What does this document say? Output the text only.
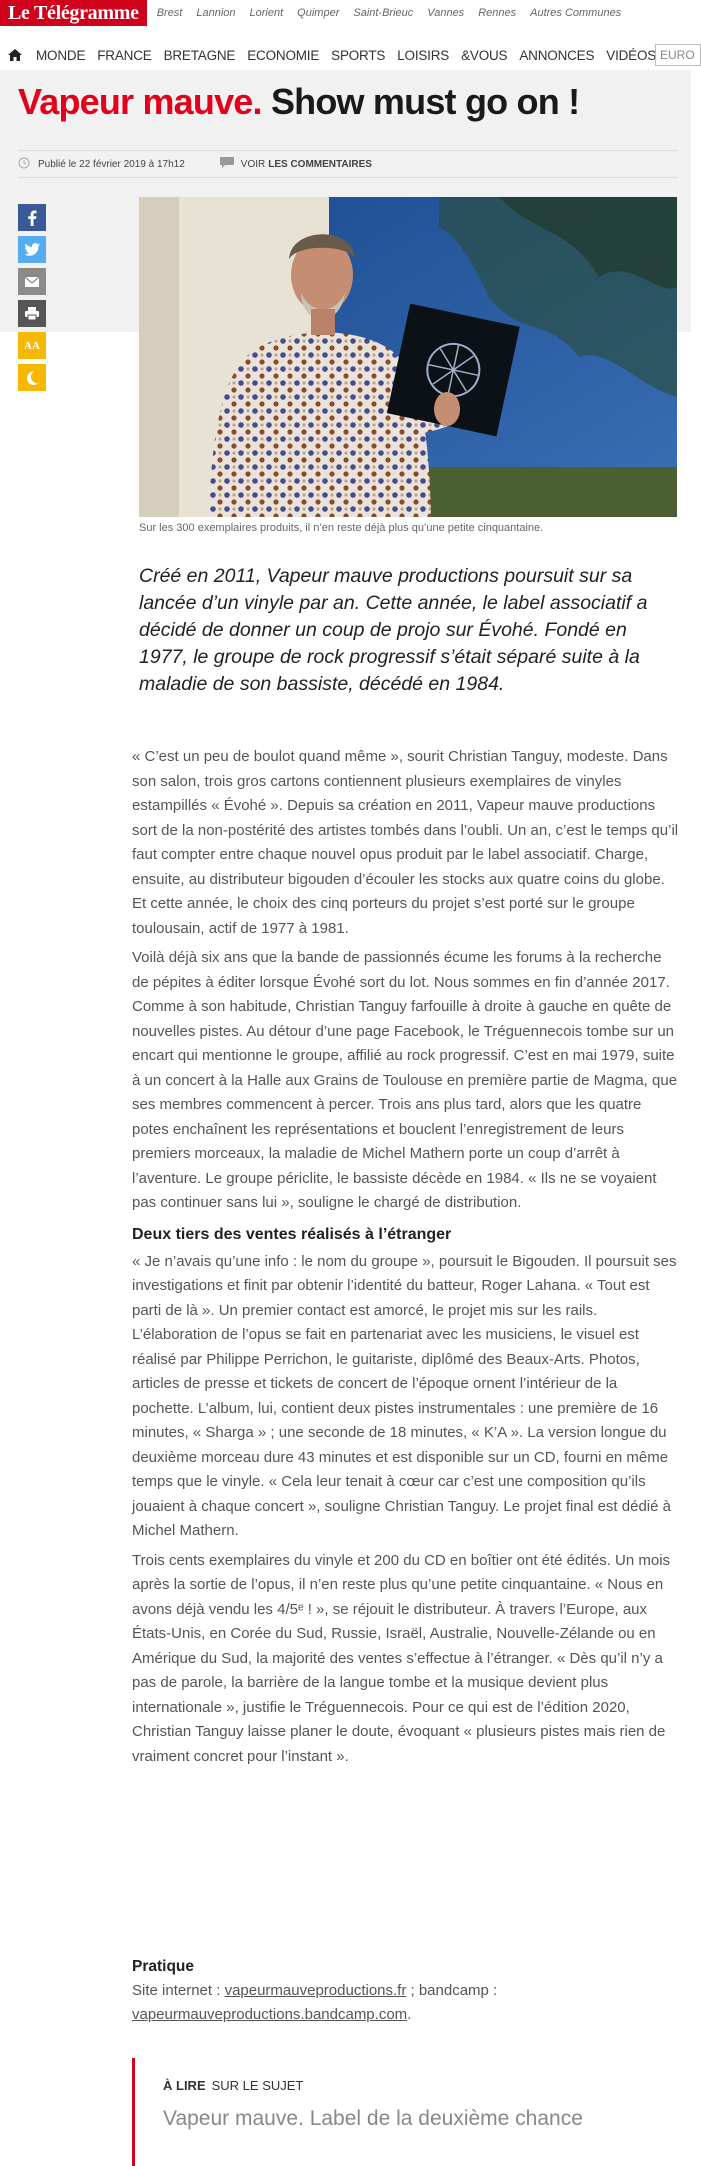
Le Télégramme	Brest Lannion Lorient Quimper Saint-Brieuc Vannes Rennes Autres Communes
MONDE FRANCE BRETAGNE ECONOMIE SPORTS LOISIRS &VOUS ANNONCES VIDÉOS EURO
Vapeur mauve. Show must go on !
Publié le 22 février 2019 à 17h12	VOIR LES COMMENTAIRES
AA
Sur les 300 exemplaires produits, il n’en reste déjà plus qu’une petite cinquantaine.

Créé en 2011, Vapeur mauve productions poursuit sur sa lancée d’un vinyle par an. Cette année, le label associatif a décidé de donner un coup de projo sur Évohé. Fondé en 1977, le groupe de rock progressif s’était séparé suite à la maladie de son bassiste, décédé en 1984.

« C’est un peu de boulot quand même », sourit Christian Tanguy, modeste. Dans son salon, trois gros cartons contiennent plusieurs exemplaires de vinyles estampillés « Évohé ». Depuis sa création en 2011, Vapeur mauve productions sort de la non-postérité des artistes tombés dans l’oubli. Un an, c’est le temps qu’il faut compter entre chaque nouvel opus produit par le label associatif. Charge, ensuite, au distributeur bigouden d’écouler les stocks aux quatre coins du globe. Et cette année, le choix des cinq porteurs du projet s’est porté sur le groupe toulousain, actif de 1977 à 1981.

Voilà déjà six ans que la bande de passionnés écume les forums à la recherche de pépites à éditer lorsque Évohé sort du lot. Nous sommes en fin d’année 2017. Comme à son habitude, Christian Tanguy farfouille à droite à gauche en quête de nouvelles pistes. Au détour d’une page Facebook, le Tréguennecois tombe sur un encart qui mentionne le groupe, affilié au rock progressif. C’est en mai 1979, suite à un concert à la Halle aux Grains de Toulouse en première partie de Magma, que ses membres commencent à percer. Trois ans plus tard, alors que les quatre potes enchaînent les représentations et bouclent l’enregistrement de leurs premiers morceaux, la maladie de Michel Mathern porte un coup d’arrêt à l’aventure. Le groupe périclite, le bassiste décède en 1984. « Ils ne se voyaient pas continuer sans lui », souligne le chargé de distribution.

Deux tiers des ventes réalisés à l’étranger

« Je n’avais qu’une info : le nom du groupe », poursuit le Bigouden. Il poursuit ses investigations et finit par obtenir l’identité du batteur, Roger Lahana. « Tout est parti de là ». Un premier contact est amorcé, le projet mis sur les rails. L’élaboration de l’opus se fait en partenariat avec les musiciens, le visuel est réalisé par Philippe Perrichon, le guitariste, diplômé des Beaux-Arts. Photos, articles de presse et tickets de concert de l’époque ornent l’intérieur de la pochette. L’album, lui, contient deux pistes instrumentales : une première de 16 minutes, « Sharga » ; une seconde de 18 minutes, « K’A ». La version longue du deuxième morceau dure 43 minutes et est disponible sur un CD, fourni en même temps que le vinyle. « Cela leur tenait à cœur car c’est une composition qu’ils jouaient à chaque concert », souligne Christian Tanguy. Le projet final est dédié à Michel Mathern.

Trois cents exemplaires du vinyle et 200 du CD en boîtier ont été édités. Un mois après la sortie de l’opus, il n’en reste plus qu’une petite cinquantaine. « Nous en avons déjà vendu les 4/5ᵉ ! », se réjouit le distributeur. À travers l’Europe, aux États-Unis, en Corée du Sud, Russie, Israël, Australie, Nouvelle-Zélande ou en Amérique du Sud, la majorité des ventes s’effectue à l’étranger. « Dès qu’il n’y a pas de parole, la barrière de la langue tombe et la musique devient plus internationale », justifie le Tréguennecois. Pour ce qui est de l’édition 2020, Christian Tanguy laisse planer le doute, évoquant « plusieurs pistes mais rien de vraiment concret pour l’instant ».

Pratique
Site internet : vapeurmauveproductions.fr ; bandcamp : vapeurmauveproductions.bandcamp.com.
À LIRE SUR LE SUJET
Vapeur mauve. Label de la deuxième chance
